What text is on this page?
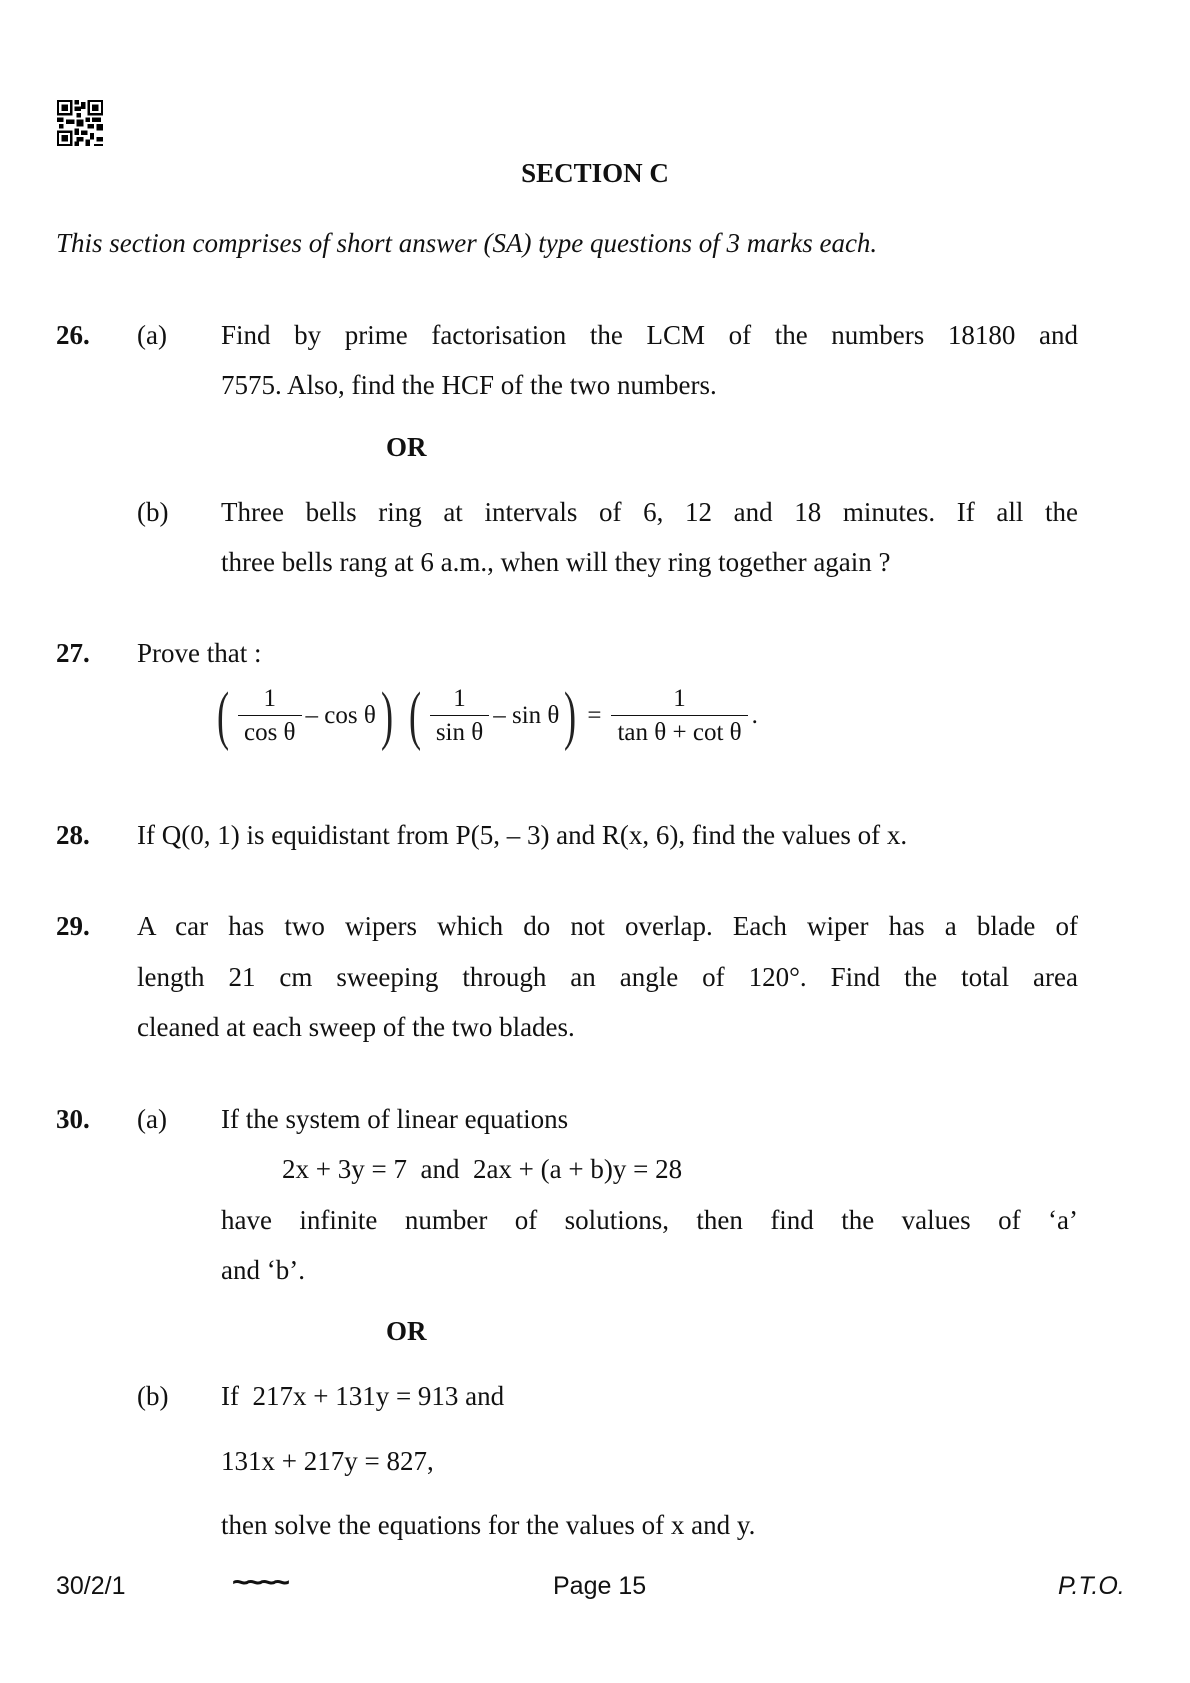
SECTION C
This section comprises of short answer (SA) type questions of 3 marks each.
26. (a) Find by prime factorisation the LCM of the numbers 18180 and
7575. Also, find the HCF of the two numbers.
OR
(b) Three bells ring at intervals of 6, 12 and 18 minutes. If all the
three bells rang at 6 a.m., when will they ring together again ?
27. Prove that :
( $\frac{1}{\text{cos θ}}$ – cos θ ) ( $\frac{1}{\text{sin θ}}$ – sin θ ) = $\frac{1}{\text{tan θ + cot θ}}$ .
28. If Q(0, 1) is equidistant from P(5, – 3) and R(x, 6), find the values of x.
29. A car has two wipers which do not overlap. Each wiper has a blade of
length 21 cm sweeping through an angle of 120°. Find the total area
cleaned at each sweep of the two blades.
30. (a) If the system of linear equations
2x + 3y = 7  and  2ax + (a + b)y = 28
have infinite number of solutions, then find the values of ‘a’
and ‘b’.
OR
(b) If  217x + 131y = 913 and
131x + 217y = 827,
then solve the equations for the values of x and y.
30/2/1	~~~~	Page 15	P.T.O.
